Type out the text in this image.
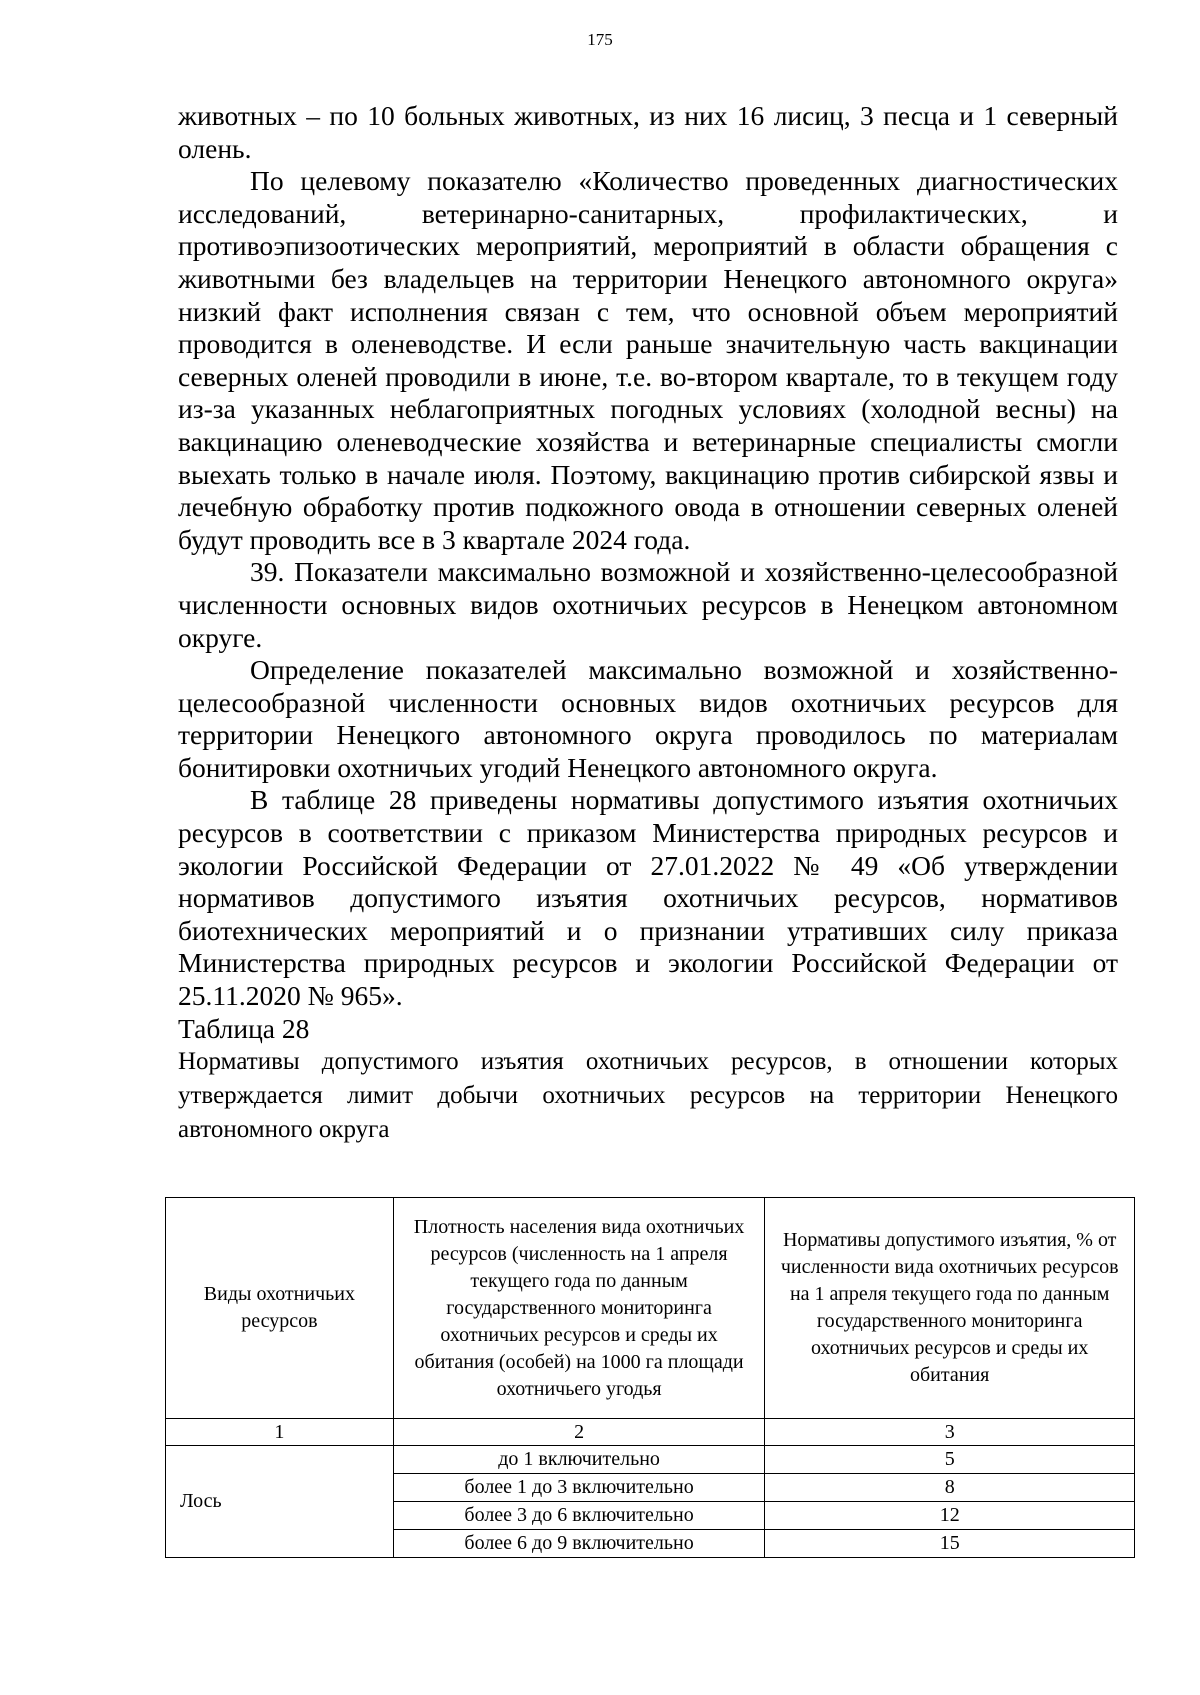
175

животных – по 10 больных животных, из них 16 лисиц, 3 песца и 1 северный олень.

По целевому показателю «Количество проведенных диагностических исследований, ветеринарно-санитарных, профилактических, и противоэпизоотических мероприятий, мероприятий в области обращения с животными без владельцев на территории Ненецкого автономного округа» низкий факт исполнения связан с тем, что основной объем мероприятий проводится в оленеводстве. И если раньше значительную часть вакцинации северных оленей проводили в июне, т.е. во-втором квартале, то в текущем году из-за указанных неблагоприятных погодных условиях (холодной весны) на вакцинацию оленеводческие хозяйства и ветеринарные специалисты смогли выехать только в начале июля. Поэтому, вакцинацию против сибирской язвы и лечебную обработку против подкожного овода в отношении северных оленей будут проводить все в 3 квартале 2024 года.

39. Показатели максимально возможной и хозяйственно-целесообразной численности основных видов охотничьих ресурсов в Ненецком автономном округе.

Определение показателей максимально возможной и хозяйственно-целесообразной численности основных видов охотничьих ресурсов для территории Ненецкого автономного округа проводилось по материалам бонитировки охотничьих угодий Ненецкого автономного округа.

В таблице 28 приведены нормативы допустимого изъятия охотничьих ресурсов в соответствии с приказом Министерства природных ресурсов и экологии Российской Федерации от 27.01.2022 № 49 «Об утверждении нормативов допустимого изъятия охотничьих ресурсов, нормативов биотехнических мероприятий и о признании утративших силу приказа Министерства природных ресурсов и экологии Российской Федерации от 25.11.2020 № 965».

Таблица 28

Нормативы допустимого изъятия охотничьих ресурсов, в отношении которых утверждается лимит добычи охотничьих ресурсов на территории Ненецкого автономного округа

Виды охотничьих ресурсов	Плотность населения вида охотничьих ресурсов (численность на 1 апреля текущего года по данным государственного мониторинга охотничьих ресурсов и среды их обитания (особей) на 1000 га площади охотничьего угодья	Нормативы допустимого изъятия, % от численности вида охотничьих ресурсов на 1 апреля текущего года по данным государственного мониторинга охотничьих ресурсов и среды их обитания
1	2	3
Лось	до 1 включительно	5
	более 1 до 3 включительно	8
	более 3 до 6 включительно	12
	более 6 до 9 включительно	15
